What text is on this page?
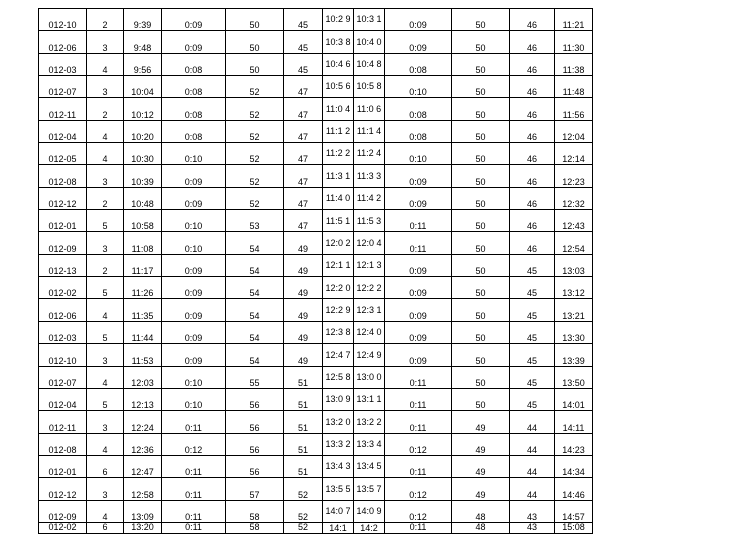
012-10	2	9:39	0:09	50	45	10:2 9	10:3 1	0:09	50	46	11:21
012-06	3	9:48	0:09	50	45	10:3 8	10:4 0	0:09	50	46	11:30
012-03	4	9:56	0:08	50	45	10:4 6	10:4 8	0:08	50	46	11:38
012-07	3	10:04	0:08	52	47	10:5 6	10:5 8	0:10	50	46	11:48
012-11	2	10:12	0:08	52	47	11:0 4	11:0 6	0:08	50	46	11:56
012-04	4	10:20	0:08	52	47	11:1 2	11:1 4	0:08	50	46	12:04
012-05	4	10:30	0:10	52	47	11:2 2	11:2 4	0:10	50	46	12:14
012-08	3	10:39	0:09	52	47	11:3 1	11:3 3	0:09	50	46	12:23
012-12	2	10:48	0:09	52	47	11:4 0	11:4 2	0:09	50	46	12:32
012-01	5	10:58	0:10	53	47	11:5 1	11:5 3	0:11	50	46	12:43
012-09	3	11:08	0:10	54	49	12:0 2	12:0 4	0:11	50	46	12:54
012-13	2	11:17	0:09	54	49	12:1 1	12:1 3	0:09	50	45	13:03
012-02	5	11:26	0:09	54	49	12:2 0	12:2 2	0:09	50	45	13:12
012-06	4	11:35	0:09	54	49	12:2 9	12:3 1	0:09	50	45	13:21
012-03	5	11:44	0:09	54	49	12:3 8	12:4 0	0:09	50	45	13:30
012-10	3	11:53	0:09	54	49	12:4 7	12:4 9	0:09	50	45	13:39
012-07	4	12:03	0:10	55	51	12:5 8	13:0 0	0:11	50	45	13:50
012-04	5	12:13	0:10	56	51	13:0 9	13:1 1	0:11	50	45	14:01
012-11	3	12:24	0:11	56	51	13:2 0	13:2 2	0:11	49	44	14:11
012-08	4	12:36	0:12	56	51	13:3 2	13:3 4	0:12	49	44	14:23
012-01	6	12:47	0:11	56	51	13:4 3	13:4 5	0:11	49	44	14:34
012-12	3	12:58	0:11	57	52	13:5 5	13:5 7	0:12	49	44	14:46
012-09	4	13:09	0:11	58	52	14:0 7	14:0 9	0:12	48	43	14:57
012-02	6	13:20	0:11	58	52	14:1	14:2	0:11	48	43	15:08
